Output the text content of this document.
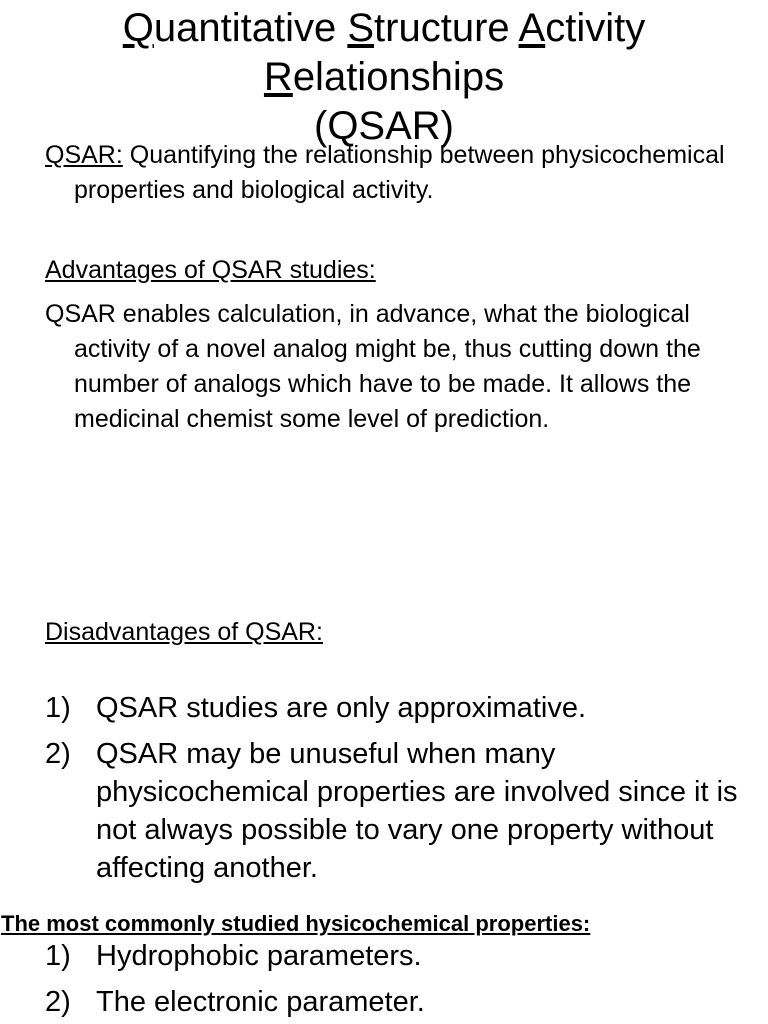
Quantitative Structure Activity
Relationships
(QSAR)

QSAR: Quantifying the relationship between physicochemical properties and biological activity.

Advantages of QSAR studies:

QSAR enables calculation, in advance, what the biological activity of a novel analog might be, thus cutting down the number of analogs which have to be made. It allows the medicinal chemist some level of prediction.

Disadvantages of QSAR:

1) QSAR studies are only approximative.
2) QSAR may be unuseful when many physicochemical properties are involved since it is not always possible to vary one property without affecting another.
The most commonly studied hysicochemical properties:
1) Hydrophobic parameters.
2) The electronic parameter.
